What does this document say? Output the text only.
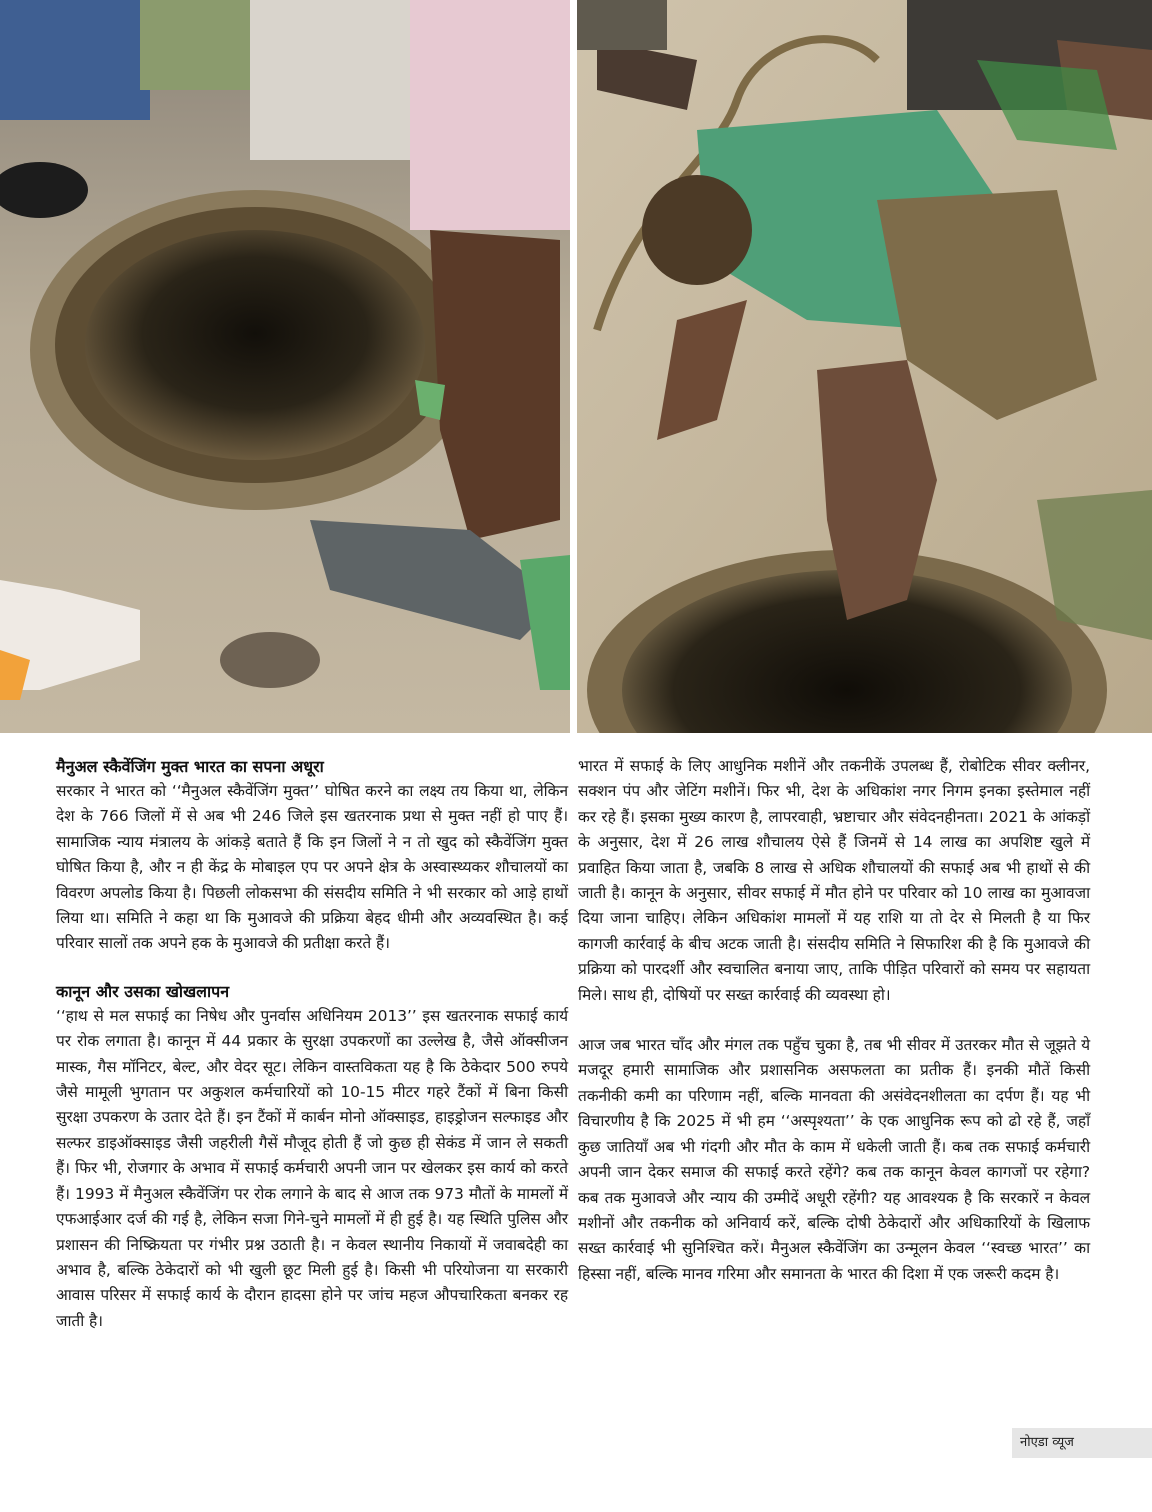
मैनुअल स्कैवेंजिंग मुक्त भारत का सपना अधूरा

सरकार ने भारत को ‘‘मैनुअल स्कैवेंजिंग मुक्त’’ घोषित करने का लक्ष्य तय किया था, लेकिन देश के 766 जिलों में से अब भी 246 जिले इस खतरनाक प्रथा से मुक्त नहीं हो पाए हैं। सामाजिक न्याय मंत्रालय के आंकड़े बताते हैं कि इन जिलों ने न तो खुद को स्कैवेंजिंग मुक्त घोषित किया है, और न ही केंद्र के मोबाइल एप पर अपने क्षेत्र के अस्वास्थ्यकर शौचालयों का विवरण अपलोड किया है। पिछली लोकसभा की संसदीय समिति ने भी सरकार को आड़े हाथों लिया था। समिति ने कहा था कि मुआवजे की प्रक्रिया बेहद धीमी और अव्यवस्थित है। कई परिवार सालों तक अपने हक के मुआवजे की प्रतीक्षा करते हैं।

कानून और उसका खोखलापन

‘‘हाथ से मल सफाई का निषेध और पुनर्वास अधिनियम 2013’’ इस खतरनाक सफाई कार्य पर रोक लगाता है। कानून में 44 प्रकार के सुरक्षा उपकरणों का उल्लेख है, जैसे ऑक्सीजन मास्क, गैस मॉनिटर, बेल्ट, और वेदर सूट। लेकिन वास्तविकता यह है कि ठेकेदार 500 रुपये जैसे मामूली भुगतान पर अकुशल कर्मचारियों को 10-15 मीटर गहरे टैंकों में बिना किसी सुरक्षा उपकरण के उतार देते हैं। इन टैंकों में कार्बन मोनो ऑक्साइड, हाइड्रोजन सल्फाइड और सल्फर डाइऑक्साइड जैसी जहरीली गैसें मौजूद होती हैं जो कुछ ही सेकंड में जान ले सकती हैं। फिर भी, रोजगार के अभाव में सफाई कर्मचारी अपनी जान पर खेलकर इस कार्य को करते हैं। 1993 में मैनुअल स्कैवेंजिंग पर रोक लगाने के बाद से आज तक 973 मौतों के मामलों में एफआईआर दर्ज की गई है, लेकिन सजा गिने-चुने मामलों में ही हुई है। यह स्थिति पुलिस और प्रशासन की निष्क्रियता पर गंभीर प्रश्न उठाती है। न केवल स्थानीय निकायों में जवाबदेही का अभाव है, बल्कि ठेकेदारों को भी खुली छूट मिली हुई है। किसी भी परियोजना या सरकारी आवास परिसर में सफाई कार्य के दौरान हादसा होने पर जांच महज औपचारिकता बनकर रह जाती है।

भारत में सफाई के लिए आधुनिक मशीनें और तकनीकें उपलब्ध हैं, रोबोटिक सीवर क्लीनर, सक्शन पंप और जेटिंग मशीनें। फिर भी, देश के अधिकांश नगर निगम इनका इस्तेमाल नहीं कर रहे हैं। इसका मुख्य कारण है, लापरवाही, भ्रष्टाचार और संवेदनहीनता। 2021 के आंकड़ों के अनुसार, देश में 26 लाख शौचालय ऐसे हैं जिनमें से 14 लाख का अपशिष्ट खुले में प्रवाहित किया जाता है, जबकि 8 लाख से अधिक शौचालयों की सफाई अब भी हाथों से की जाती है। कानून के अनुसार, सीवर सफाई में मौत होने पर परिवार को 10 लाख का मुआवजा दिया जाना चाहिए। लेकिन अधिकांश मामलों में यह राशि या तो देर से मिलती है या फिर कागजी कार्रवाई के बीच अटक जाती है। संसदीय समिति ने सिफारिश की है कि मुआवजे की प्रक्रिया को पारदर्शी और स्वचालित बनाया जाए, ताकि पीड़ित परिवारों को समय पर सहायता मिले। साथ ही, दोषियों पर सख्त कार्रवाई की व्यवस्था हो।

आज जब भारत चाँद और मंगल तक पहुँच चुका है, तब भी सीवर में उतरकर मौत से जूझते ये मजदूर हमारी सामाजिक और प्रशासनिक असफलता का प्रतीक हैं। इनकी मौतें किसी तकनीकी कमी का परिणाम नहीं, बल्कि मानवता की असंवेदनशीलता का दर्पण हैं। यह भी विचारणीय है कि 2025 में भी हम ‘‘अस्पृश्यता’’ के एक आधुनिक रूप को ढो रहे हैं, जहाँ कुछ जातियाँ अब भी गंदगी और मौत के काम में धकेली जाती हैं। कब तक सफाई कर्मचारी अपनी जान देकर समाज की सफाई करते रहेंगे? कब तक कानून केवल कागजों पर रहेगा? कब तक मुआवजे और न्याय की उम्मीदें अधूरी रहेंगी? यह आवश्यक है कि सरकारें न केवल मशीनों और तकनीक को अनिवार्य करें, बल्कि दोषी ठेकेदारों और अधिकारियों के खिलाफ सख्त कार्रवाई भी सुनिश्चित करें। मैनुअल स्कैवेंजिंग का उन्मूलन केवल ‘‘स्वच्छ भारत’’ का हिस्सा नहीं, बल्कि मानव गरिमा और समानता के भारत की दिशा में एक जरूरी कदम है।

नोएडा व्यूज
